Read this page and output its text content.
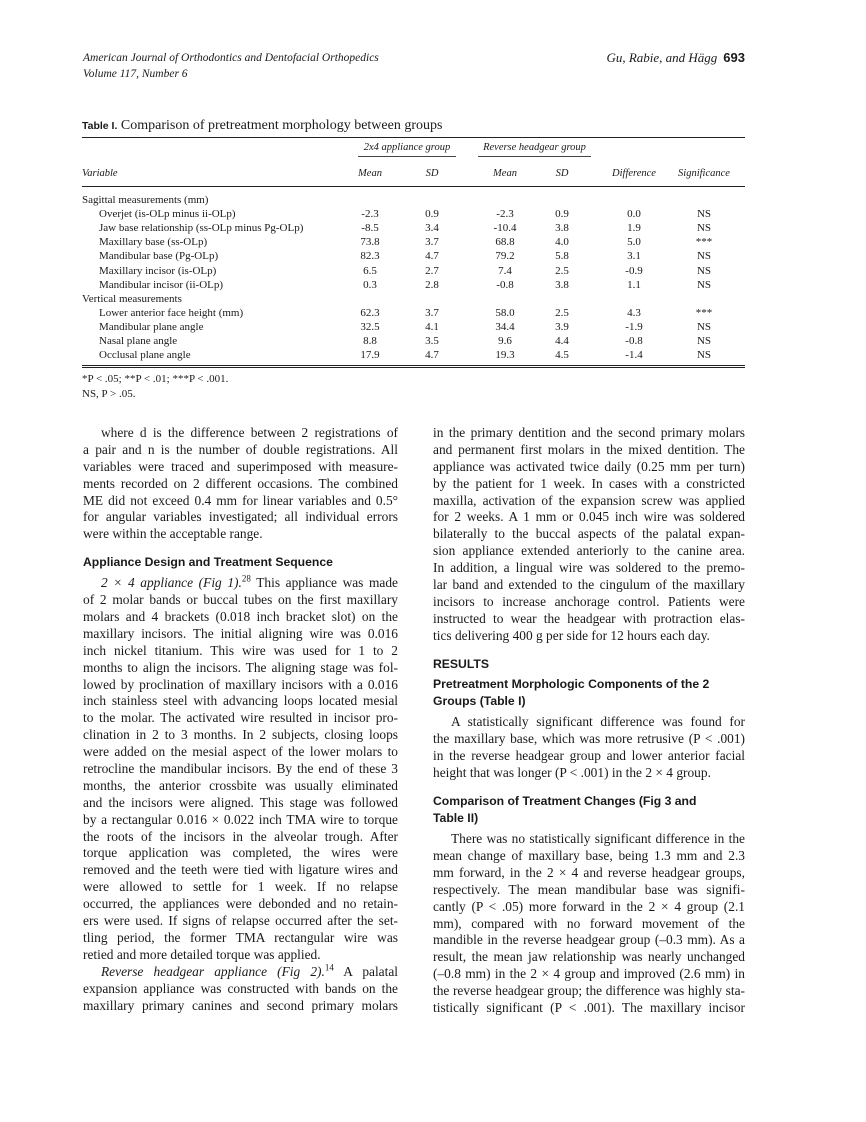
American Journal of Orthodontics and Dentofacial Orthopedics
Volume 117, Number 6
Gu, Rabie, and Hägg 693
Table I. Comparison of pretreatment morphology between groups
2x4 appliance group	Reverse headgear group
Variable	Mean	SD	Mean	SD	Difference	Significance
Sagittal measurements (mm)
Overjet (is-OLp minus ii-OLp)	-2.3	0.9	-2.3	0.9	0.0	NS
Jaw base relationship (ss-OLp minus Pg-OLp)	-8.5	3.4	-10.4	3.8	1.9	NS
Maxillary base (ss-OLp)	73.8	3.7	68.8	4.0	5.0	***
Mandibular base (Pg-OLp)	82.3	4.7	79.2	5.8	3.1	NS
Maxillary incisor (is-OLp)	6.5	2.7	7.4	2.5	-0.9	NS
Mandibular incisor (ii-OLp)	0.3	2.8	-0.8	3.8	1.1	NS
Vertical measurements
Lower anterior face height (mm)	62.3	3.7	58.0	2.5	4.3	***
Mandibular plane angle	32.5	4.1	34.4	3.9	-1.9	NS
Nasal plane angle	8.8	3.5	9.6	4.4	-0.8	NS
Occlusal plane angle	17.9	4.7	19.3	4.5	-1.4	NS
*P < .05; **P < .01; ***P < .001.
NS, P > .05.
where d is the difference between 2 registrations of
a pair and n is the number of double registrations. All
variables were traced and superimposed with measure-
ments recorded on 2 different occasions. The combined
ME did not exceed 0.4 mm for linear variables and 0.5°
for angular variables investigated; all individual errors
were within the acceptable range.
Appliance Design and Treatment Sequence
2 × 4 appliance (Fig 1).$^{28}$ This appliance was made
of 2 molar bands or buccal tubes on the first maxillary
molars and 4 brackets (0.018 inch bracket slot) on the
maxillary incisors. The initial aligning wire was 0.016
inch nickel titanium. This wire was used for 1 to 2
months to align the incisors. The aligning stage was fol-
lowed by proclination of maxillary incisors with a 0.016
inch stainless steel with advancing loops located mesial
to the molar. The activated wire resulted in incisor pro-
clination in 2 to 3 months. In 2 subjects, closing loops
were added on the mesial aspect of the lower molars to
retrocline the mandibular incisors. By the end of these 3
months, the anterior crossbite was usually eliminated
and the incisors were aligned. This stage was followed
by a rectangular 0.016 × 0.022 inch TMA wire to torque
the roots of the incisors in the alveolar trough. After
torque application was completed, the wires were
removed and the teeth were tied with ligature wires and
were allowed to settle for 1 week. If no relapse
occurred, the appliances were debonded and no retain-
ers were used. If signs of relapse occurred after the set-
tling period, the former TMA rectangular wire was
retied and more detailed torque was applied.
Reverse headgear appliance (Fig 2).$^{14}$ A palatal
expansion appliance was constructed with bands on the
maxillary primary canines and second primary molars
in the primary dentition and the second primary molars
and permanent first molars in the mixed dentition. The
appliance was activated twice daily (0.25 mm per turn)
by the patient for 1 week. In cases with a constricted
maxilla, activation of the expansion screw was applied
for 2 weeks. A 1 mm or 0.045 inch wire was soldered
bilaterally to the buccal aspects of the palatal expan-
sion appliance extended anteriorly to the canine area.
In addition, a lingual wire was soldered to the premo-
lar band and extended to the cingulum of the maxillary
incisors to increase anchorage control. Patients were
instructed to wear the headgear with protraction elas-
tics delivering 400 g per side for 12 hours each day.
RESULTS
Pretreatment Morphologic Components of the 2
Groups (Table I)
A statistically significant difference was found for
the maxillary base, which was more retrusive (P < .001)
in the reverse headgear group and lower anterior facial
height that was longer (P < .001) in the 2 × 4 group.
Comparison of Treatment Changes (Fig 3 and
Table II)
There was no statistically significant difference in the
mean change of maxillary base, being 1.3 mm and 2.3
mm forward, in the 2 × 4 and reverse headgear groups,
respectively. The mean mandibular base was signifi-
cantly (P < .05) more forward in the 2 × 4 group (2.1
mm), compared with no forward movement of the
mandible in the reverse headgear group (–0.3 mm). As a
result, the mean jaw relationship was nearly unchanged
(–0.8 mm) in the 2 × 4 group and improved (2.6 mm) in
the reverse headgear group; the difference was highly sta-
tistically significant (P < .001). The maxillary incisor
